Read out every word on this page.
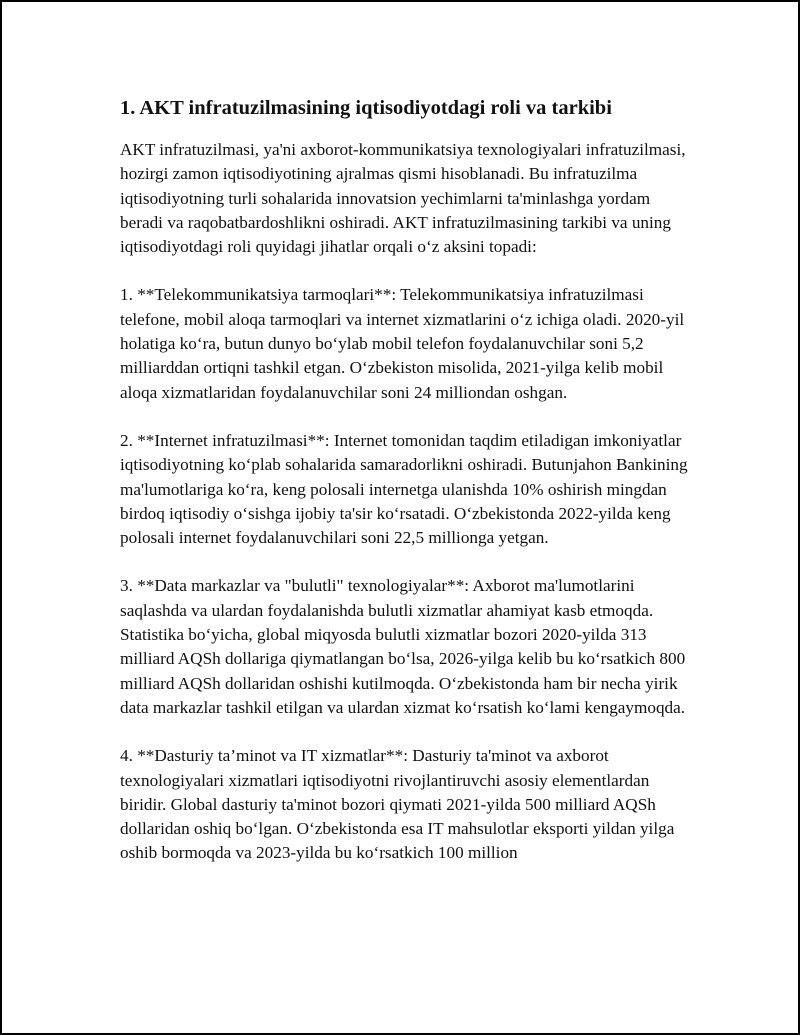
1. AKT infratuzilmasining iqtisodiyotdagi roli va tarkibi

AKT infratuzilmasi, ya'ni axborot-kommunikatsiya texnologiyalari infratuzilmasi, hozirgi zamon iqtisodiyotining ajralmas qismi hisoblanadi. Bu infratuzilma iqtisodiyotning turli sohalarida innovatsion yechimlarni ta'minlashga yordam beradi va raqobatbardoshlikni oshiradi. AKT infratuzilmasining tarkibi va uning iqtisodiyotdagi roli quyidagi jihatlar orqali oʻz aksini topadi:

1. **Telekommunikatsiya tarmoqlari**: Telekommunikatsiya infratuzilmasi telefone, mobil aloqa tarmoqlari va internet xizmatlarini oʻz ichiga oladi. 2020-yil holatiga koʻra, butun dunyo boʻylab mobil telefon foydalanuvchilar soni 5,2 milliarddan ortiqni tashkil etgan. Oʻzbekiston misolida, 2021-yilga kelib mobil aloqa xizmatlaridan foydalanuvchilar soni 24 milliondan oshgan.

2. **Internet infratuzilmasi**: Internet tomonidan taqdim etiladigan imkoniyatlar iqtisodiyotning koʻplab sohalarida samaradorlikni oshiradi. Butunjahon Bankining ma'lumotlariga koʻra, keng polosali internetga ulanishda 10% oshirish mingdan birdoq iqtisodiy oʻsishga ijobiy ta'sir koʻrsatadi. Oʻzbekistonda 2022-yilda keng polosali internet foydalanuvchilari soni 22,5 millionga yetgan.

3. **Data markazlar va "bulutli" texnologiyalar**: Axborot ma'lumotlarini saqlashda va ulardan foydalanishda bulutli xizmatlar ahamiyat kasb etmoqda. Statistika boʻyicha, global miqyosda bulutli xizmatlar bozori 2020-yilda 313 milliard AQSh dollariga qiymatlangan boʻlsa, 2026-yilga kelib bu koʻrsatkich 800 milliard AQSh dollaridan oshishi kutilmoqda. Oʻzbekistonda ham bir necha yirik data markazlar tashkil etilgan va ulardan xizmat koʻrsatish koʻlami kengaymoqda.

4. **Dasturiy ta’minot va IT xizmatlar**: Dasturiy ta'minot va axborot texnologiyalari xizmatlari iqtisodiyotni rivojlantiruvchi asosiy elementlardan biridir. Global dasturiy ta'minot bozori qiymati 2021-yilda 500 milliard AQSh dollaridan oshiq boʻlgan. Oʻzbekistonda esa IT mahsulotlar eksporti yildan yilga oshib bormoqda va 2023-yilda bu koʻrsatkich 100 million
